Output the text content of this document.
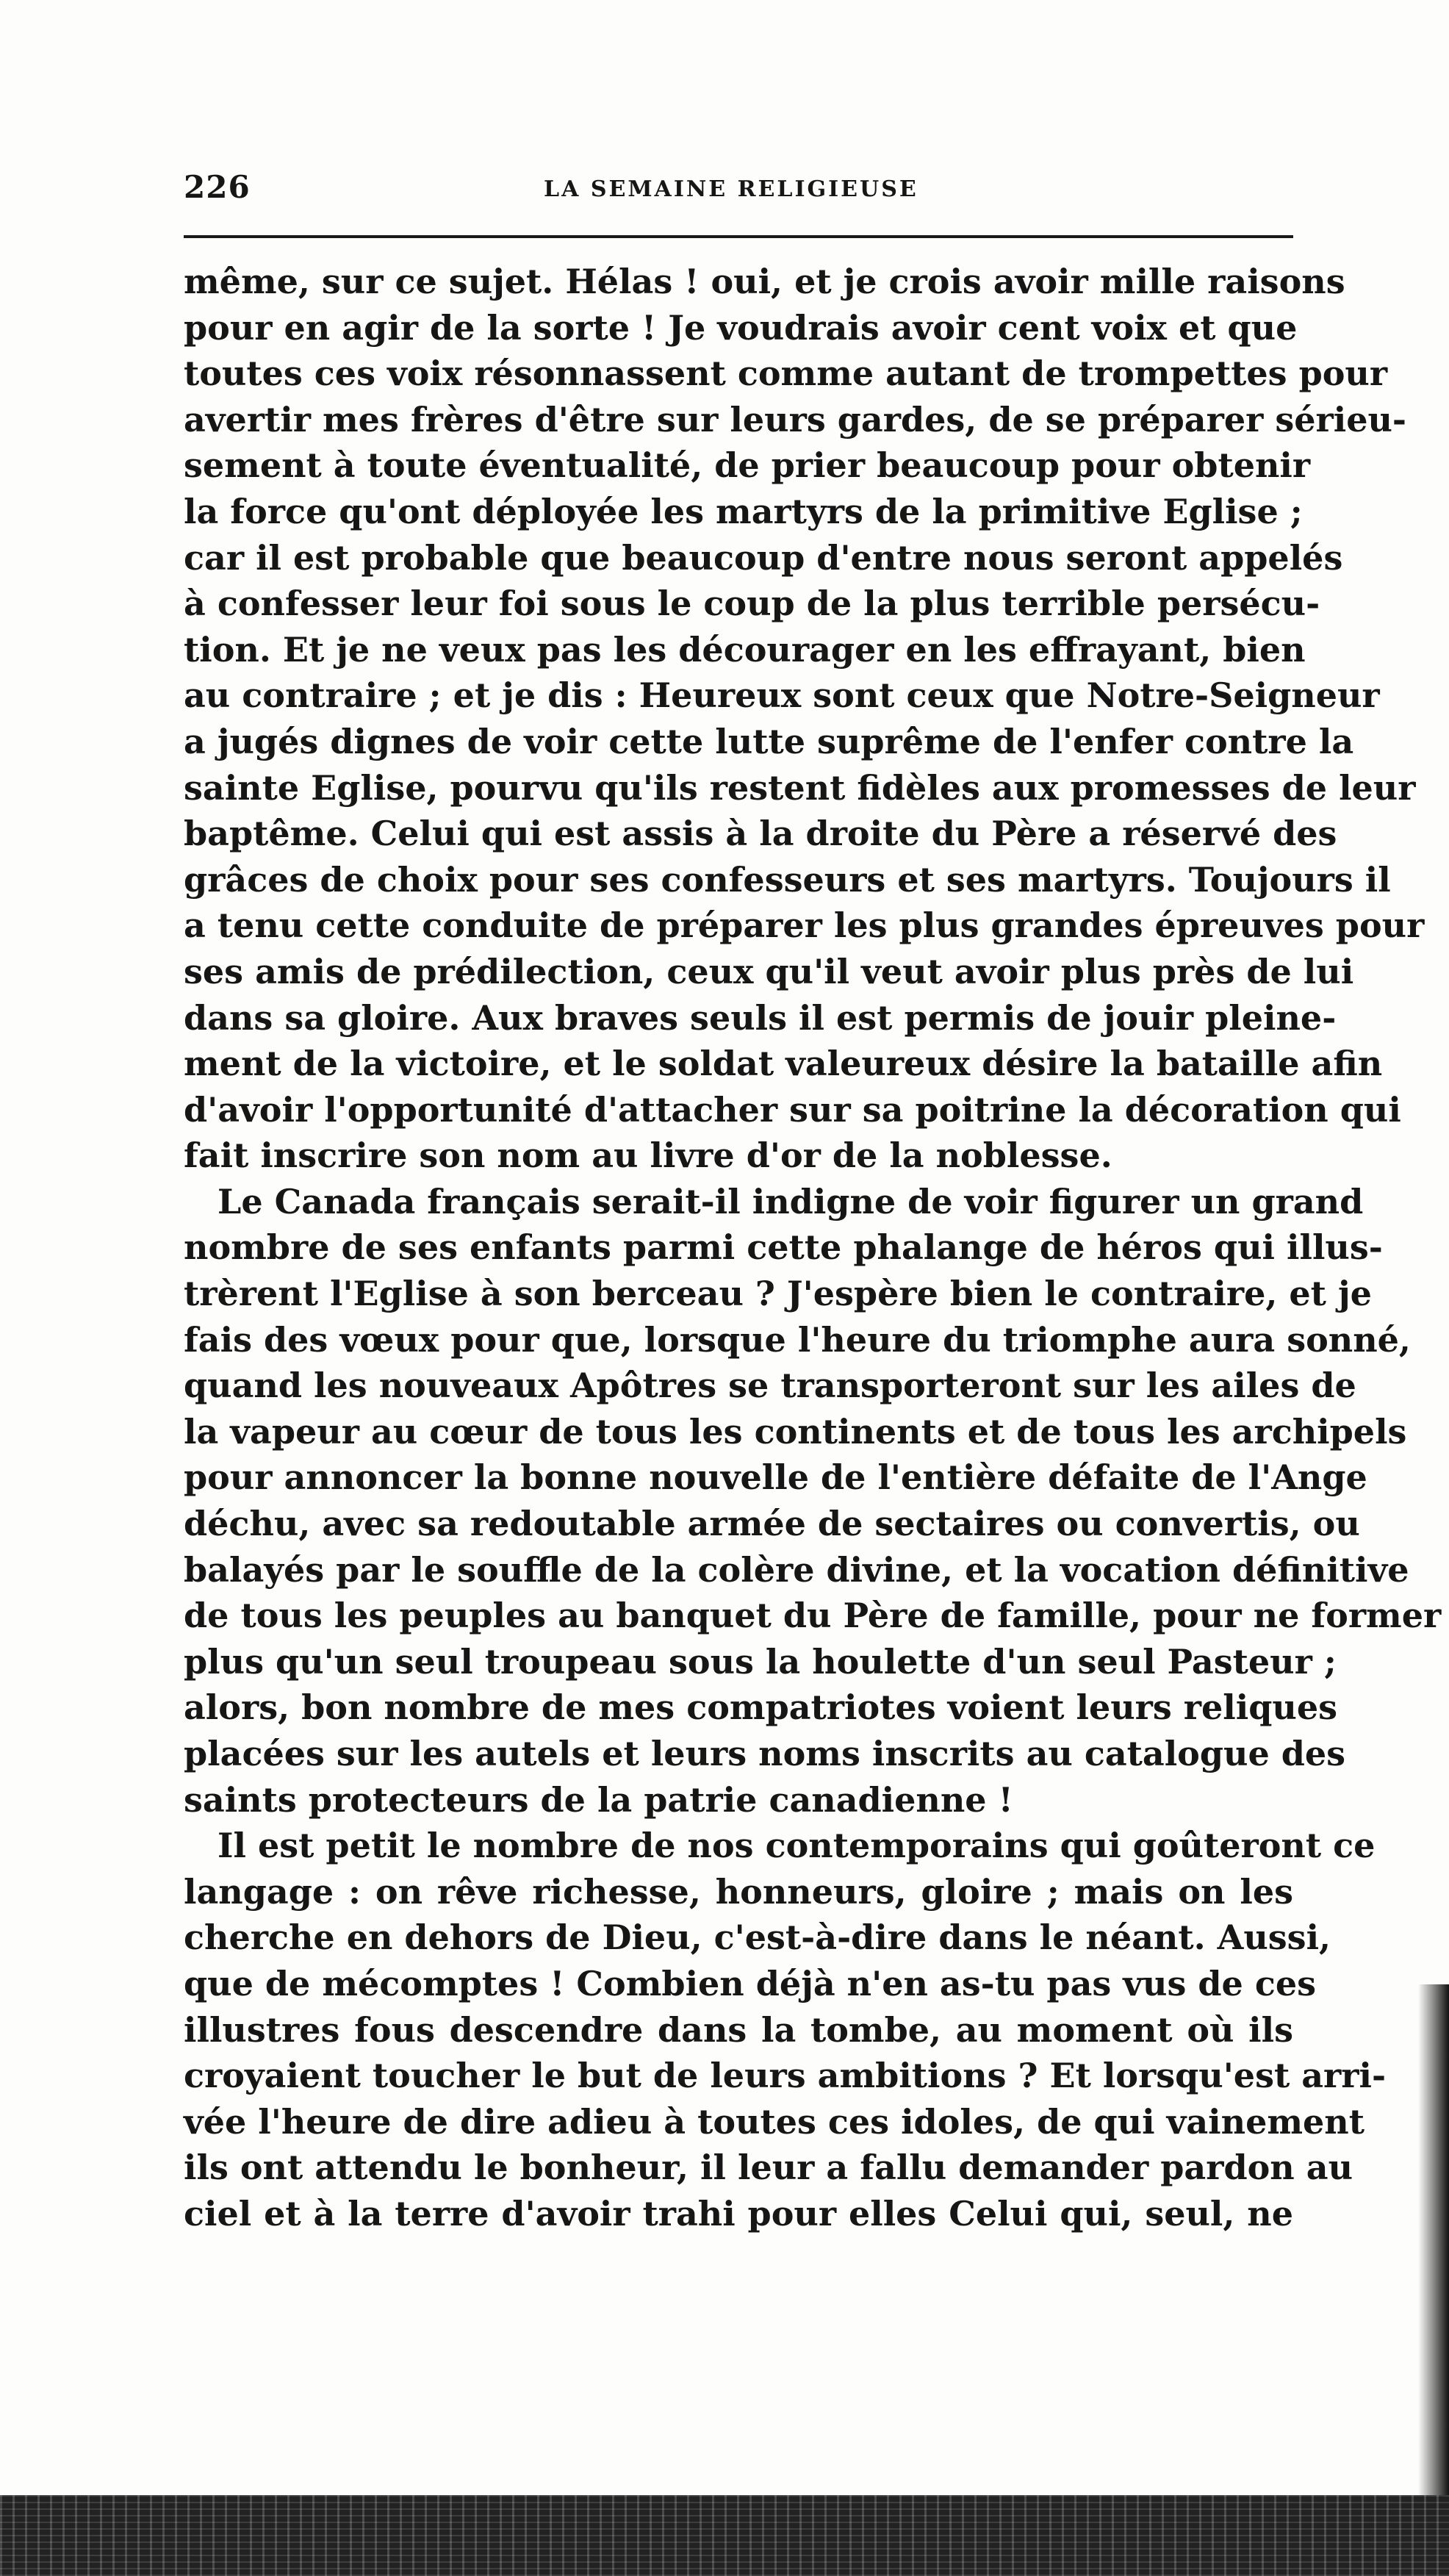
226	LA SEMAINE RELIGIEUSE
même, sur ce sujet. Hélas ! oui, et je crois avoir mille raisons
pour en agir de la sorte ! Je voudrais avoir cent voix et que
toutes ces voix résonnassent comme autant de trompettes pour
avertir mes frères d'être sur leurs gardes, de se préparer sérieu-
sement à toute éventualité, de prier beaucoup pour obtenir
la force qu'ont déployée les martyrs de la primitive Eglise ;
car il est probable que beaucoup d'entre nous seront appelés
à confesser leur foi sous le coup de la plus terrible persécu-
tion. Et je ne veux pas les décourager en les effrayant, bien
au contraire ; et je dis : Heureux sont ceux que Notre-Seigneur
a jugés dignes de voir cette lutte suprême de l'enfer contre la
sainte Eglise, pourvu qu'ils restent fidèles aux promesses de leur
baptême. Celui qui est assis à la droite du Père a réservé des
grâces de choix pour ses confesseurs et ses martyrs. Toujours il
a tenu cette conduite de préparer les plus grandes épreuves pour
ses amis de prédilection, ceux qu'il veut avoir plus près de lui
dans sa gloire. Aux braves seuls il est permis de jouir pleine-
ment de la victoire, et le soldat valeureux désire la bataille afin
d'avoir l'opportunité d'attacher sur sa poitrine la décoration qui
fait inscrire son nom au livre d'or de la noblesse.
Le Canada français serait-il indigne de voir figurer un grand
nombre de ses enfants parmi cette phalange de héros qui illus-
trèrent l'Eglise à son berceau ? J'espère bien le contraire, et je
fais des vœux pour que, lorsque l'heure du triomphe aura sonné,
quand les nouveaux Apôtres se transporteront sur les ailes de
la vapeur au cœur de tous les continents et de tous les archipels
pour annoncer la bonne nouvelle de l'entière défaite de l'Ange
déchu, avec sa redoutable armée de sectaires ou convertis, ou
balayés par le souffle de la colère divine, et la vocation définitive
de tous les peuples au banquet du Père de famille, pour ne former
plus qu'un seul troupeau sous la houlette d'un seul Pasteur ;
alors, bon nombre de mes compatriotes voient leurs reliques
placées sur les autels et leurs noms inscrits au catalogue des
saints protecteurs de la patrie canadienne !
Il est petit le nombre de nos contemporains qui goûteront ce
langage : on rêve richesse, honneurs, gloire ; mais on les
cherche en dehors de Dieu, c'est-à-dire dans le néant. Aussi,
que de mécomptes ! Combien déjà n'en as-tu pas vus de ces
illustres fous descendre dans la tombe, au moment où ils
croyaient toucher le but de leurs ambitions ? Et lorsqu'est arri-
vée l'heure de dire adieu à toutes ces idoles, de qui vainement
ils ont attendu le bonheur, il leur a fallu demander pardon au
ciel et à la terre d'avoir trahi pour elles Celui qui, seul, ne
